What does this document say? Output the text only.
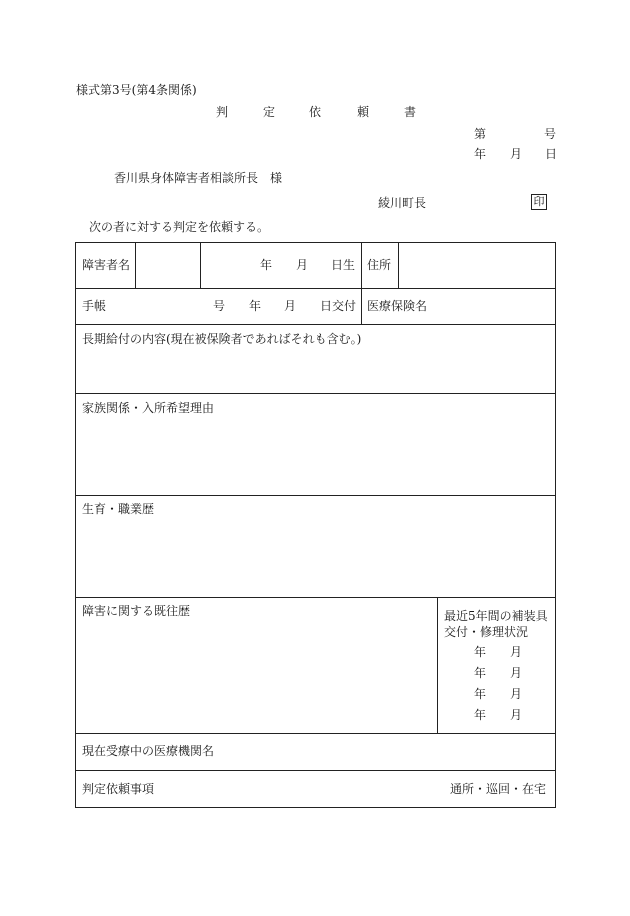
様式第3号(第4条関係)
判	定	依	頼	書
第	号
年 月 日
香川県身体障害者相談所長　様
綾川町長	印
次の者に対する判定を依頼する。
障害者名	年 月 日生 住所
手帳	号 年 月 日交付 医療保険名
長期給付の内容(現在被保険者であればそれも含む。)
家族関係・入所希望理由
生育・職業歴
障害に関する既往歴	最近5年間の補装具
交付・修理状況
年 月
年 月
年 月
年 月
現在受療中の医療機関名
判定依頼事項	通所・巡回・在宅
